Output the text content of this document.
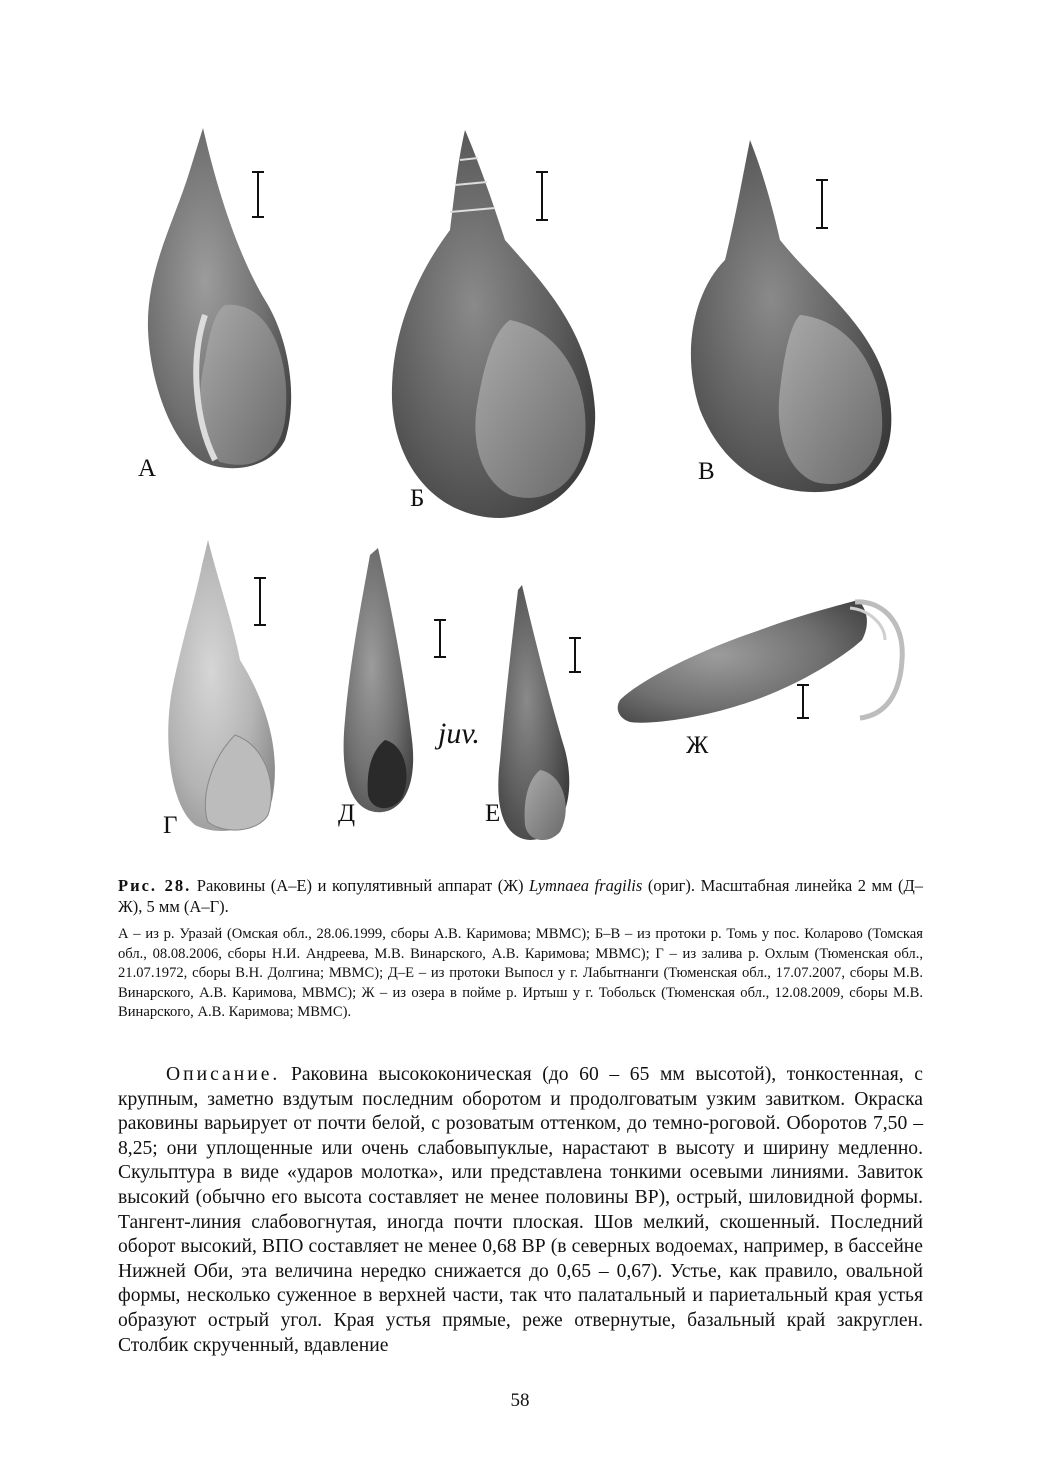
А
Б
В
Г	Д	Е
Ж
juv.
Рис. 28. Раковины (А–Е) и копулятивный аппарат (Ж) Lymnaea fragilis (ориг). Масштабная линейка 2 мм (Д–Ж), 5 мм (А–Г).
А – из р. Уразай (Омская обл., 28.06.1999, сборы А.В. Каримова; МВМС); Б–В – из протоки р. Томь у пос. Коларово (Томская обл., 08.08.2006, сборы Н.И. Андреева, М.В. Винарского, А.В. Каримова; МВМС); Г – из залива р. Охлым (Тюменская обл., 21.07.1972, сборы В.Н. Долгина; МВМС); Д–Е – из протоки Выпосл у г. Лабытнанги (Тюменская обл., 17.07.2007, сборы М.В. Винарского, А.В. Каримова, МВМС); Ж – из озера в пойме р. Иртыш у г. Тобольск (Тюменская обл., 12.08.2009, сборы М.В. Винарского, А.В. Каримова; МВМС).

Описание. Раковина высококоническая (до 60 – 65 мм высотой), тонкостенная, с крупным, заметно вздутым последним оборотом и продолговатым узким завитком. Окраска раковины варьирует от почти белой, с розоватым оттенком, до темно-роговой. Оборотов 7,50 – 8,25; они уплощенные или очень слабовыпуклые, нарастают в высоту и ширину медленно. Скульптура в виде «ударов молотка», или представлена тонкими осевыми линиями. Завиток высокий (обычно его высота составляет не менее половины ВР), острый, шиловидной формы. Тангент-линия слабовогнутая, иногда почти плоская. Шов мелкий, скошенный. Последний оборот высокий, ВПО составляет не менее 0,68 ВР (в северных водоемах, например, в бассейне Нижней Оби, эта величина нередко снижается до 0,65 – 0,67). Устье, как правило, овальной формы, несколько суженное в верхней части, так что палатальный и париетальный края устья образуют острый угол. Края устья прямые, реже отвернутые, базальный край закруглен. Столбик скрученный, вдавление

58
